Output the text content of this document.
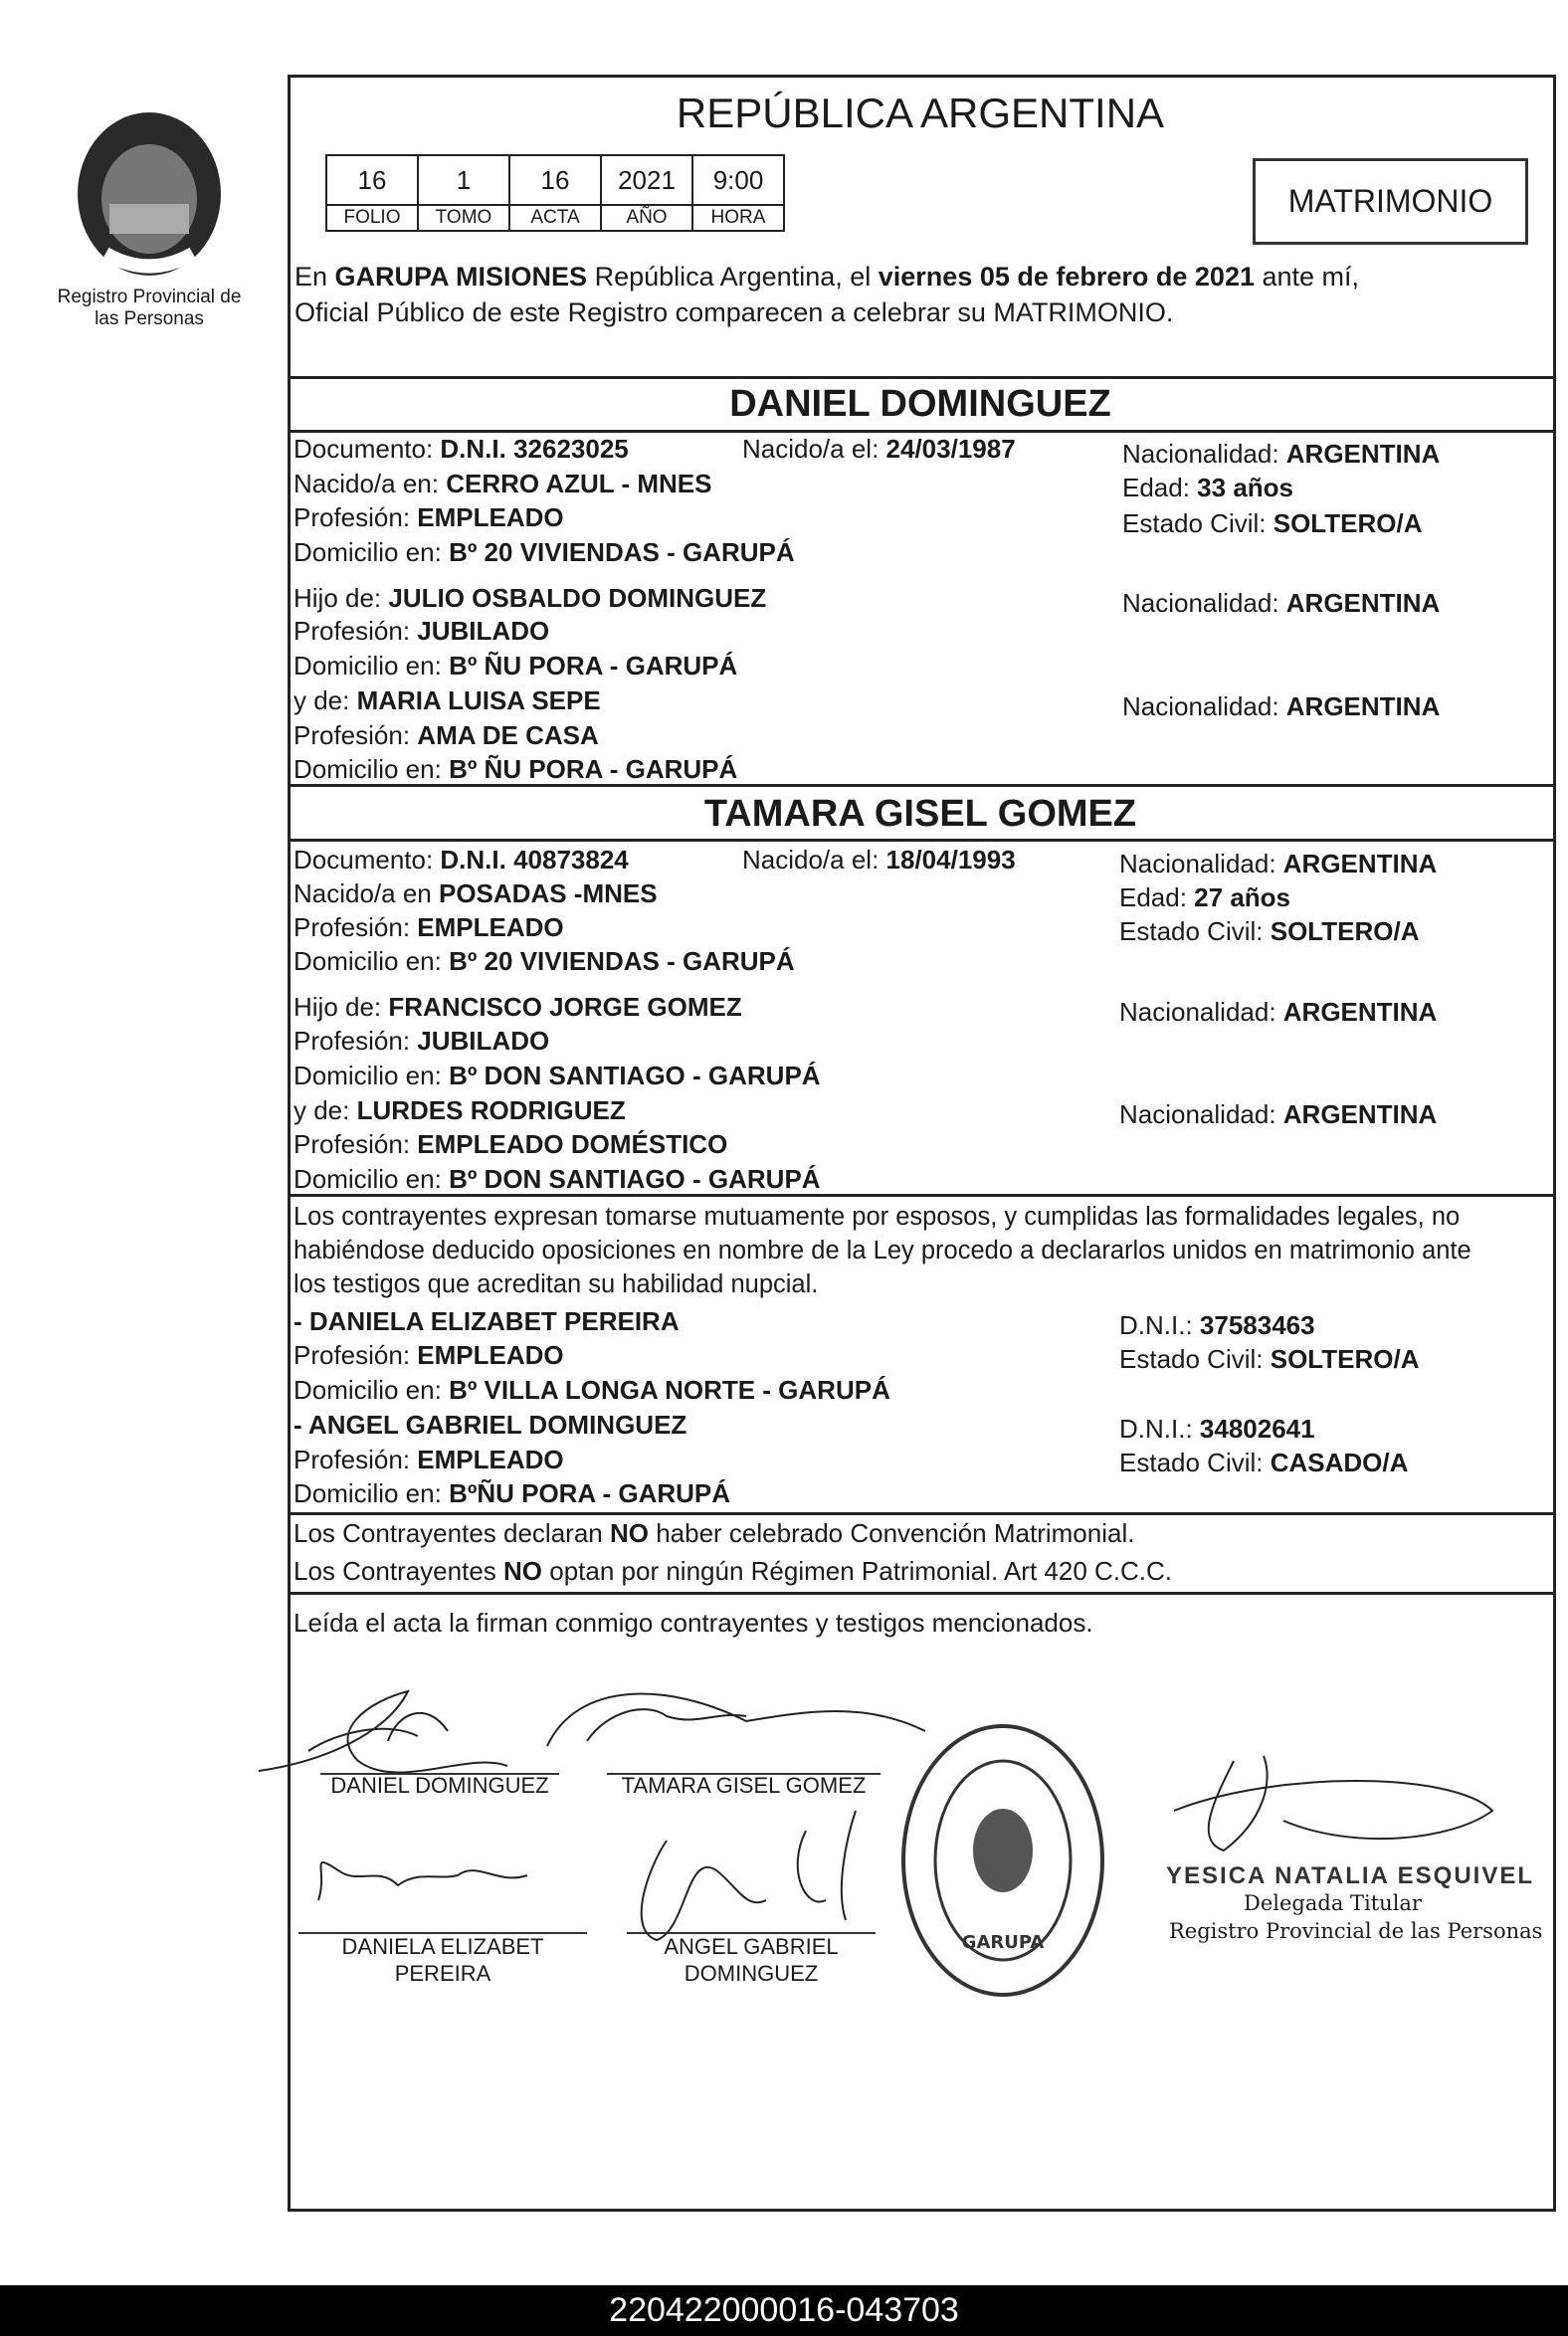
Registro Provincial de las Personas
REPÚBLICA ARGENTINA
16	1	16	2021	9:00
FOLIO	TOMO	ACTA	AÑO	HORA	MATRIMONIO
En GARUPA MISIONES República Argentina, el viernes 05 de febrero de 2021 ante mí,
Oficial Público de este Registro comparecen a celebrar su MATRIMONIO.
DANIEL DOMINGUEZ
Documento: D.N.I. 32623025	Nacido/a el: 24/03/1987	Nacionalidad: ARGENTINA
Nacido/a en: CERRO AZUL - MNES	Edad: 33 años
Profesión: EMPLEADO	Estado Civil: SOLTERO/A
Domicilio en: Bº 20 VIVIENDAS - GARUPÁ
Hijo de: JULIO OSBALDO DOMINGUEZ	Nacionalidad: ARGENTINA
Profesión: JUBILADO
Domicilio en: Bº ÑU PORA - GARUPÁ
y de: MARIA LUISA SEPE	Nacionalidad: ARGENTINA
Profesión: AMA DE CASA
Domicilio en: Bº ÑU PORA - GARUPÁ
TAMARA GISEL GOMEZ
Documento: D.N.I. 40873824	Nacido/a el: 18/04/1993	Nacionalidad: ARGENTINA
Nacido/a en POSADAS -MNES	Edad: 27 años
Profesión: EMPLEADO	Estado Civil: SOLTERO/A
Domicilio en: Bº 20 VIVIENDAS - GARUPÁ
Hijo de: FRANCISCO JORGE GOMEZ	Nacionalidad: ARGENTINA
Profesión: JUBILADO
Domicilio en: Bº DON SANTIAGO - GARUPÁ
y de: LURDES RODRIGUEZ	Nacionalidad: ARGENTINA
Profesión: EMPLEADO DOMÉSTICO
Domicilio en: Bº DON SANTIAGO - GARUPÁ
Los contrayentes expresan tomarse mutuamente por esposos, y cumplidas las formalidades legales, no
habiéndose deducido oposiciones en nombre de la Ley procedo a declararlos unidos en matrimonio ante
los testigos que acreditan su habilidad nupcial.
- DANIELA ELIZABET PEREIRA	D.N.I.: 37583463
Profesión: EMPLEADO	Estado Civil: SOLTERO/A
Domicilio en: Bº VILLA LONGA NORTE - GARUPÁ
- ANGEL GABRIEL DOMINGUEZ	D.N.I.: 34802641
Profesión: EMPLEADO	Estado Civil: CASADO/A
Domicilio en: BºÑU PORA - GARUPÁ
Los Contrayentes declaran NO haber celebrado Convención Matrimonial.
Los Contrayentes NO optan por ningún Régimen Patrimonial. Art 420 C.C.C.
Leída el acta la firman conmigo contrayentes y testigos mencionados.
DANIEL DOMINGUEZ	TAMARA GISEL GOMEZ
DANIELA ELIZABET
PEREIRA
ANGEL GABRIEL
DOMINGUEZ
GARUPA
YESICA NATALIA ESQUIVEL
Delegada Titular
Registro Provincial de las Personas
220422000016-043703
